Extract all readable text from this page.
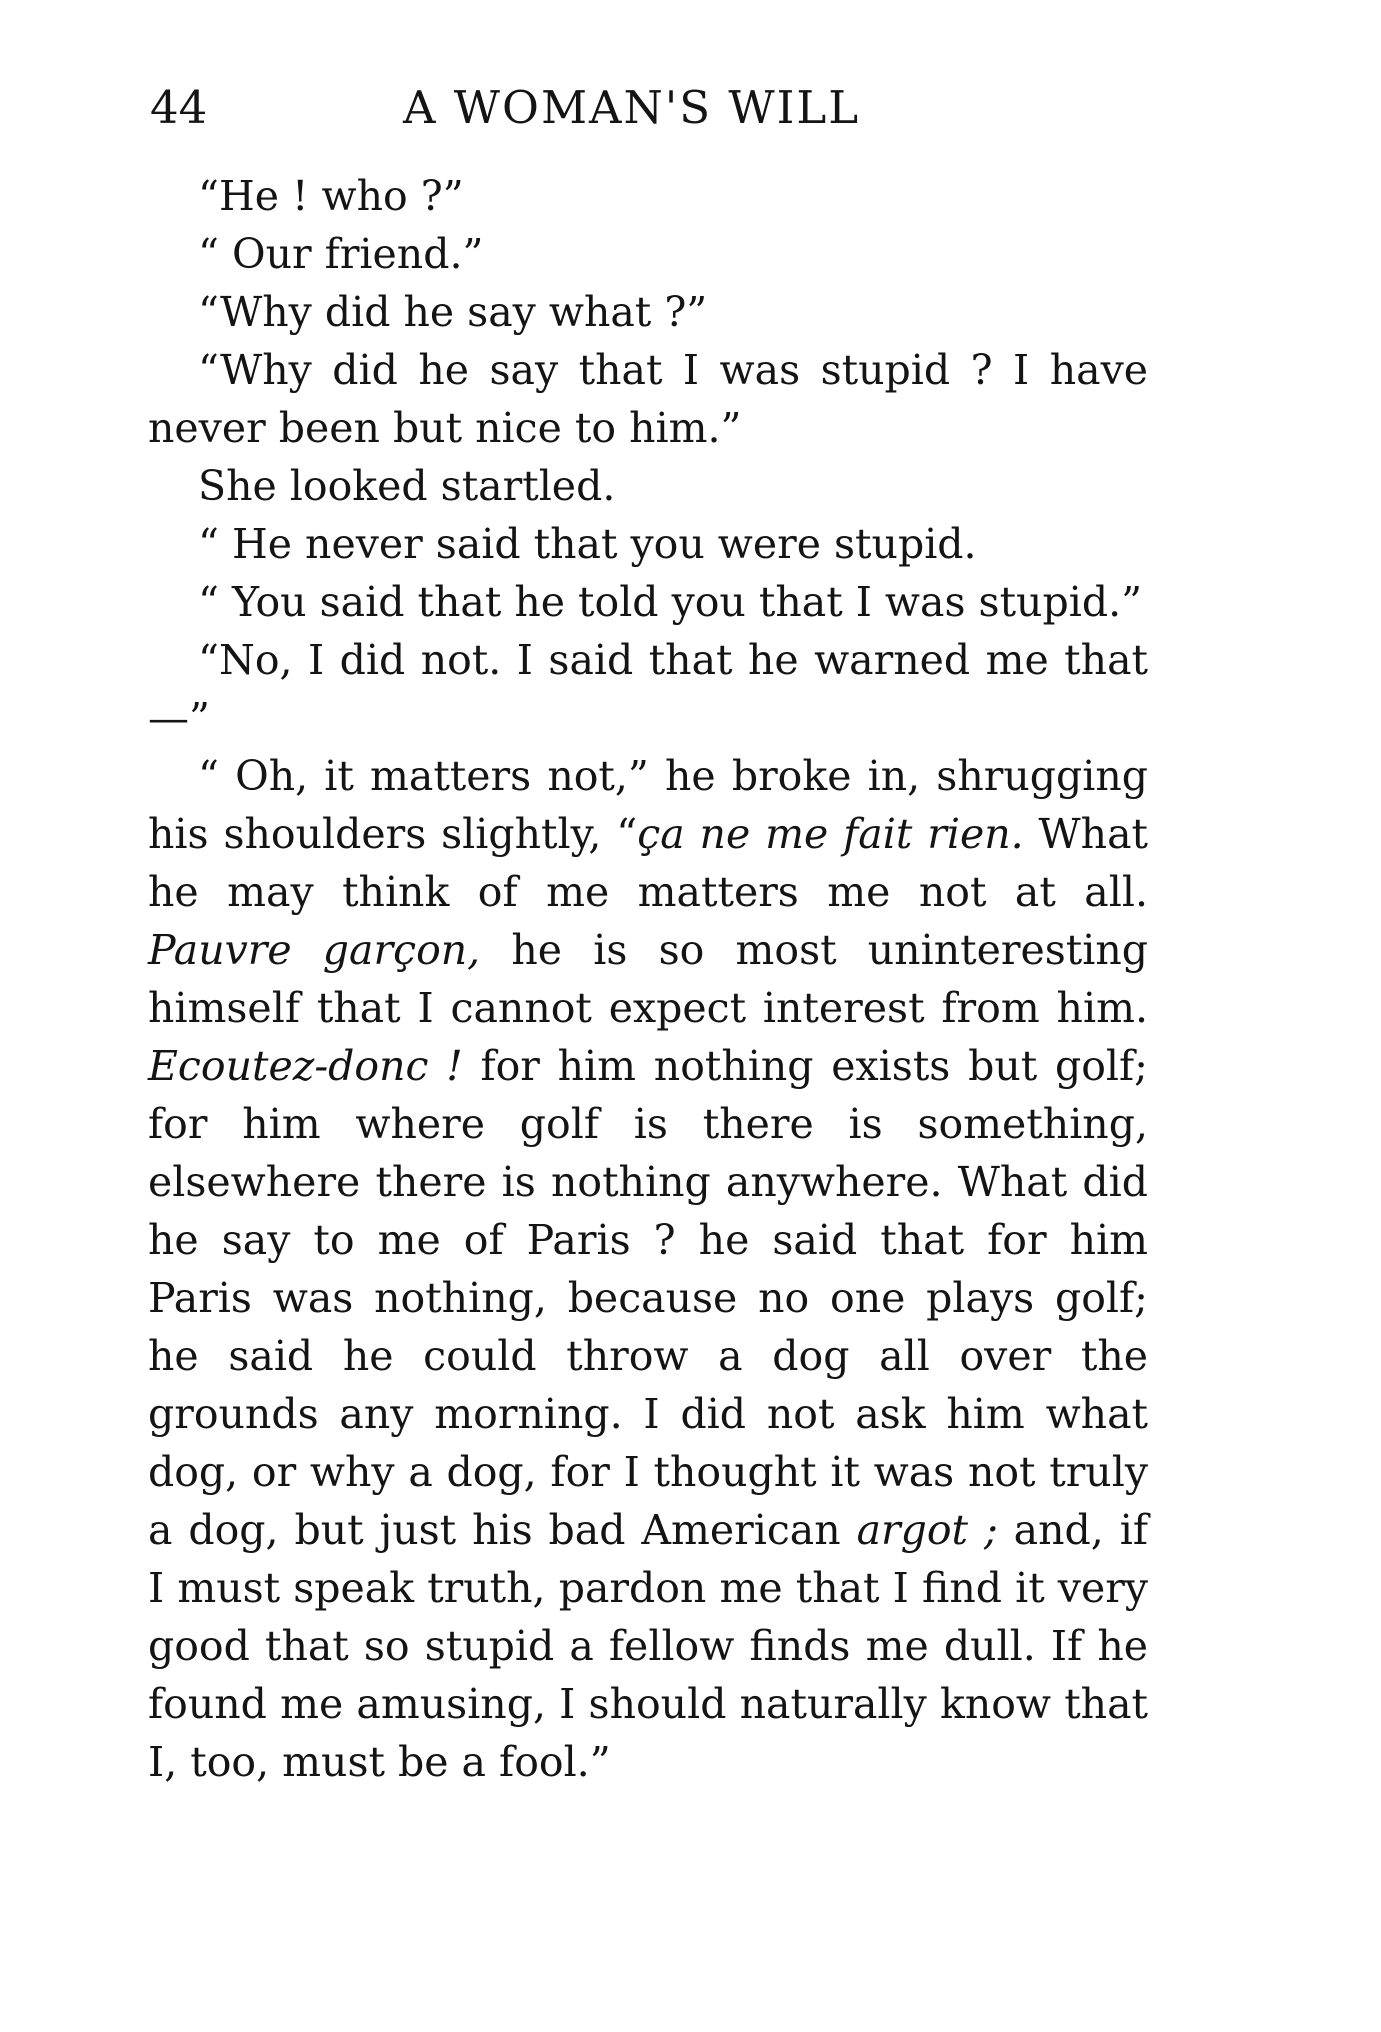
44	A WOMAN'S WILL

“He ! who ?”

“ Our friend.”

“Why did he say what ?”

“Why did he say that I was stupid ? I have never been but nice to him.”

She looked startled.

“ He never said that you were stupid.

“ You said that he told you that I was stupid.”

“No, I did not. I said that he warned me that —”

“ Oh, it matters not,” he broke in, shrugging his shoulders slightly, “ça ne me fait rien. What he may think of me matters me not at all. Pauvre garçon, he is so most uninteresting himself that I cannot expect interest from him. Ecoutez-donc ! for him nothing exists but golf; for him where golf is there is something, elsewhere there is nothing anywhere. What did he say to me of Paris ? he said that for him Paris was nothing, because no one plays golf; he said he could throw a dog all over the grounds any morning. I did not ask him what dog, or why a dog, for I thought it was not truly a dog, but just his bad American argot ; and, if I must speak truth, pardon me that I find it very good that so stupid a fellow finds me dull. If he found me amusing, I should naturally know that I, too, must be a fool.”
